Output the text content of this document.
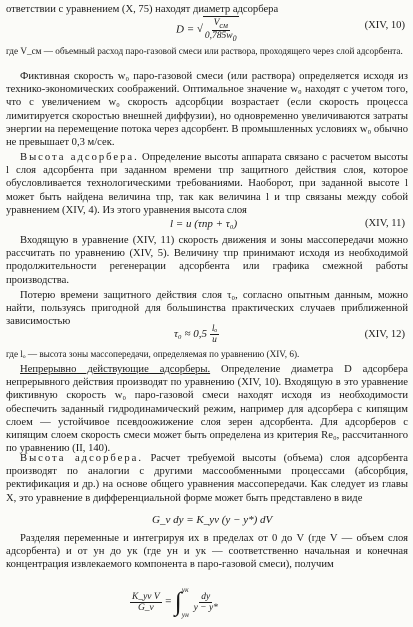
ответствии с уравнением (X, 75) находят диаметр адсорбера
D = √ $\frac{V_{см}}{0,785w_0}$	(XIV, 10)

где V_см — объемный расход паро-газовой смеси или раствора, проходящего через слой адсорбента.

Фиктивная скорость w₀ паро-газовой смеси (или раствора) определяется исходя из технико-экономических соображений. Оптимальное значение w₀ находят с учетом того, что с увеличением w₀ скорость адсорбции возрастает (если скорость процесса лимитируется скоростью внешней диффузии), но одновременно увеличиваются затраты энергии на перемещение потока через адсорбент. В промышленных условиях w₀ обычно не превышает 0,3 м/сек.

Высота адсорбера. Определение высоты аппарата связано с расчетом высоты l слоя адсорбента при заданном времени τпр защитного действия слоя, которое обусловливается технологическими требованиями. Наоборот, при заданной высоте l может быть найдена величина τпр, так как величина l и τпр связаны между собой уравнением (XIV, 4). Из этого уравнения высота слоя

l = u (τпр + τ₀)	(XIV, 11)

Входящую в уравнение (XIV, 11) скорость движения и зоны массопередачи можно рассчитать по уравнению (XIV, 5). Величину τпр принимают исходя из необходимой продолжительности регенерации адсорбента или графика смежной работы производства.

Потерю времени защитного действия слоя τ₀, согласно опытным данным, можно найти, пользуясь пригодной для большинства практических случаев приближенной зависимостью

$\tau_0 \approx 0,5 \frac{\text{lₒ}}{u}$	(XIV, 12)

где lₒ — высота зоны массопередачи, определяемая по уравнению (XIV, 6).

Непрерывно действующие адсорберы. Определение диаметра D адсорбера непрерывного действия производят по уравнению (XIV, 10). Входящую в это уравнение фиктивную скорость w₀ паро-газовой смеси находят исходя из необходимости обеспечить заданный гидродинамический режим, например для адсорбера с кипящим слоем — устойчивое псевдоожижение слоя зерен адсорбента. Для адсорберов с кипящим слоем скорость смеси может быть определена из критерия Re₀, рассчитанного по уравнению (II, 140).

Высота адсорбера. Расчет требуемой высоты (объема) слоя адсорбента производят по аналогии с другими массообменными процессами (абсорбция, ректификация и др.) на основе общего уравнения массопередачи. Как следует из главы X, это уравнение в дифференциальной форме может быть представлено в виде

G_v dy = K_yv (y − y*) dV

Разделяя переменные и интегрируя их в пределах от 0 до V (где V — объем слоя адсорбента) и от yн до yк (где yн и yк — соответственно начальная и конечная концентрация извлекаемого компонента в паро-газовой смеси), получим

$\frac{\text{K\_yv V}}{G\_v}$ = ∫ yк
yн

$\frac{dy}{y - y*}$
